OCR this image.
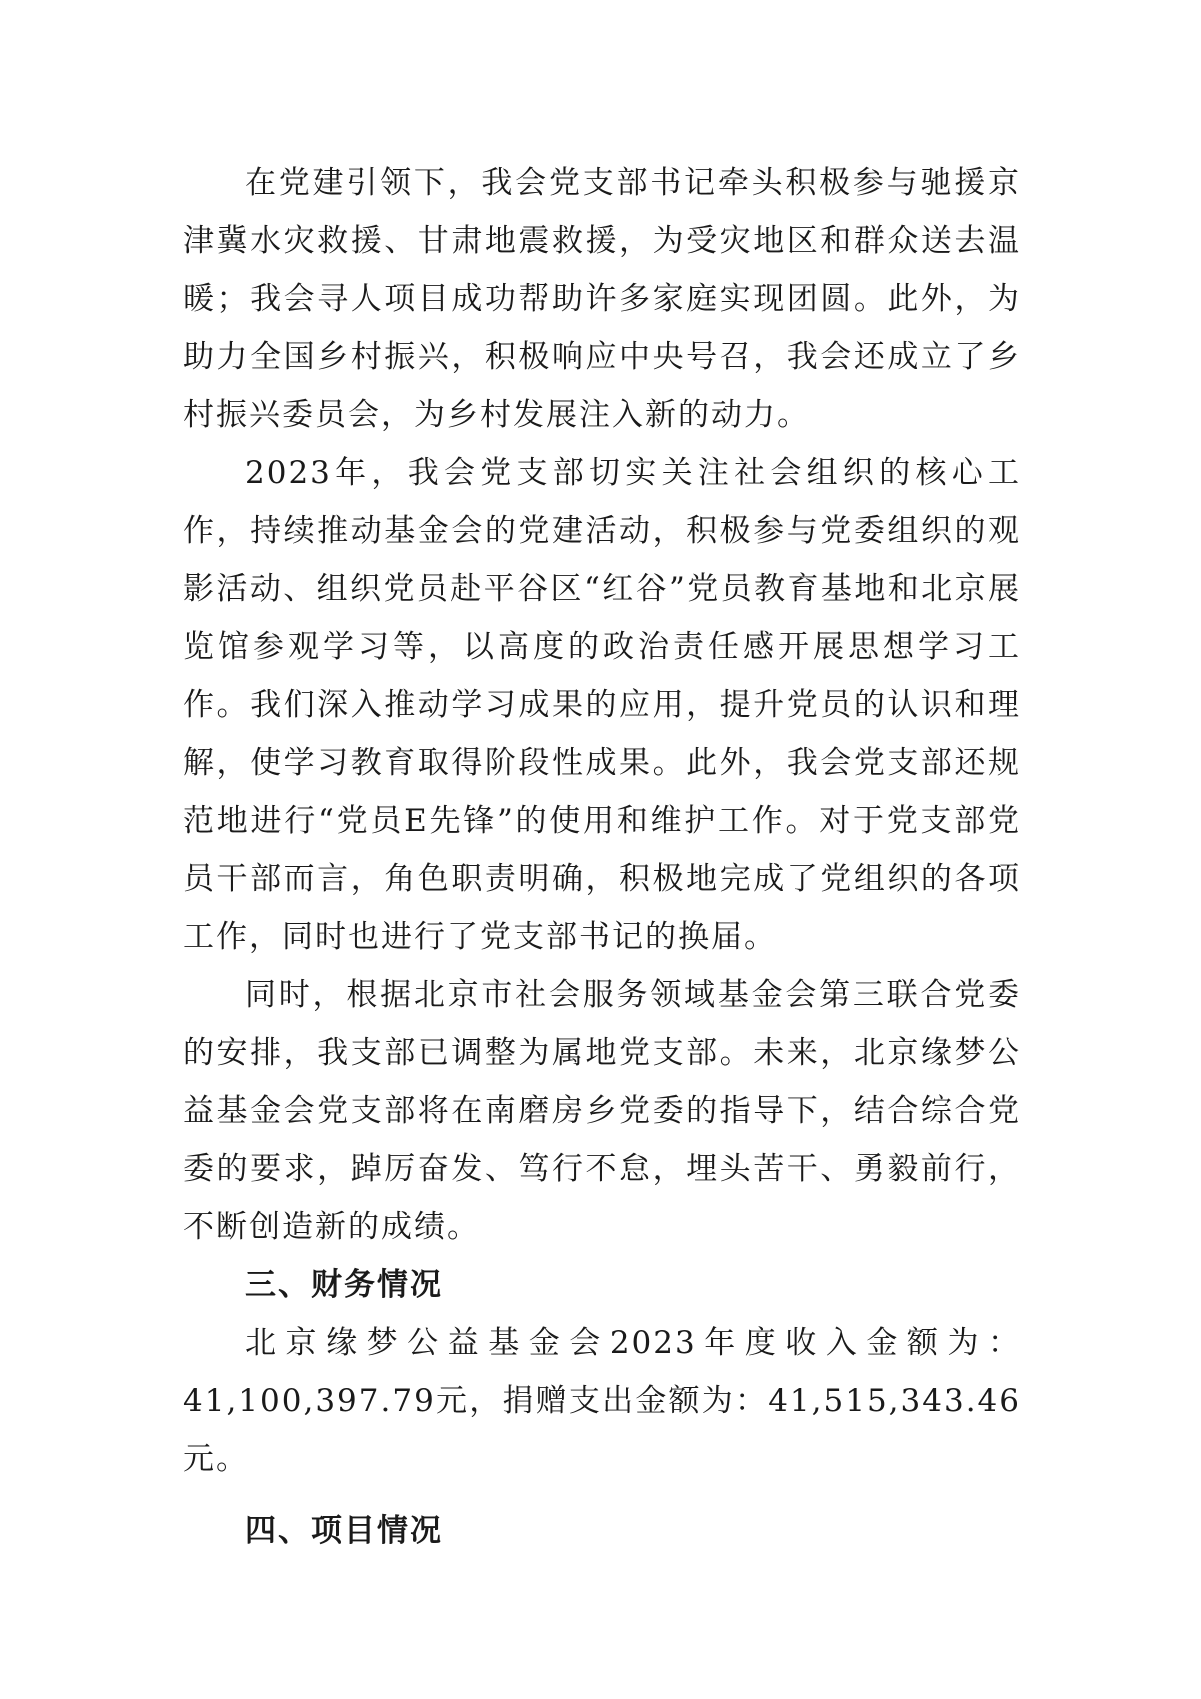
在党建引领下，我会党支部书记牵头积极参与驰援京津冀水灾救援、甘肃地震救援，为受灾地区和群众送去温暖；我会寻人项目成功帮助许多家庭实现团圆。此外，为助力全国乡村振兴，积极响应中央号召，我会还成立了乡村振兴委员会，为乡村发展注入新的动力。

2023年，我会党支部切实关注社会组织的核心工作，持续推动基金会的党建活动，积极参与党委组织的观影活动、组织党员赴平谷区“红谷”党员教育基地和北京展览馆参观学习等，以高度的政治责任感开展思想学习工作。我们深入推动学习成果的应用，提升党员的认识和理解，使学习教育取得阶段性成果。此外，我会党支部还规范地进行“党员E先锋”的使用和维护工作。对于党支部党员干部而言，角色职责明确，积极地完成了党组织的各项工作，同时也进行了党支部书记的换届。

同时，根据北京市社会服务领域基金会第三联合党委的安排，我支部已调整为属地党支部。未来，北京缘梦公益基金会党支部将在南磨房乡党委的指导下，结合综合党委的要求，踔厉奋发、笃行不怠，埋头苦干、勇毅前行，不断创造新的成绩。

三、财务情况

北京缘梦公益基金会2023年度收入金额为：41,100,397.79元，捐赠支出金额为：41,515,343.46元。

四、项目情况
